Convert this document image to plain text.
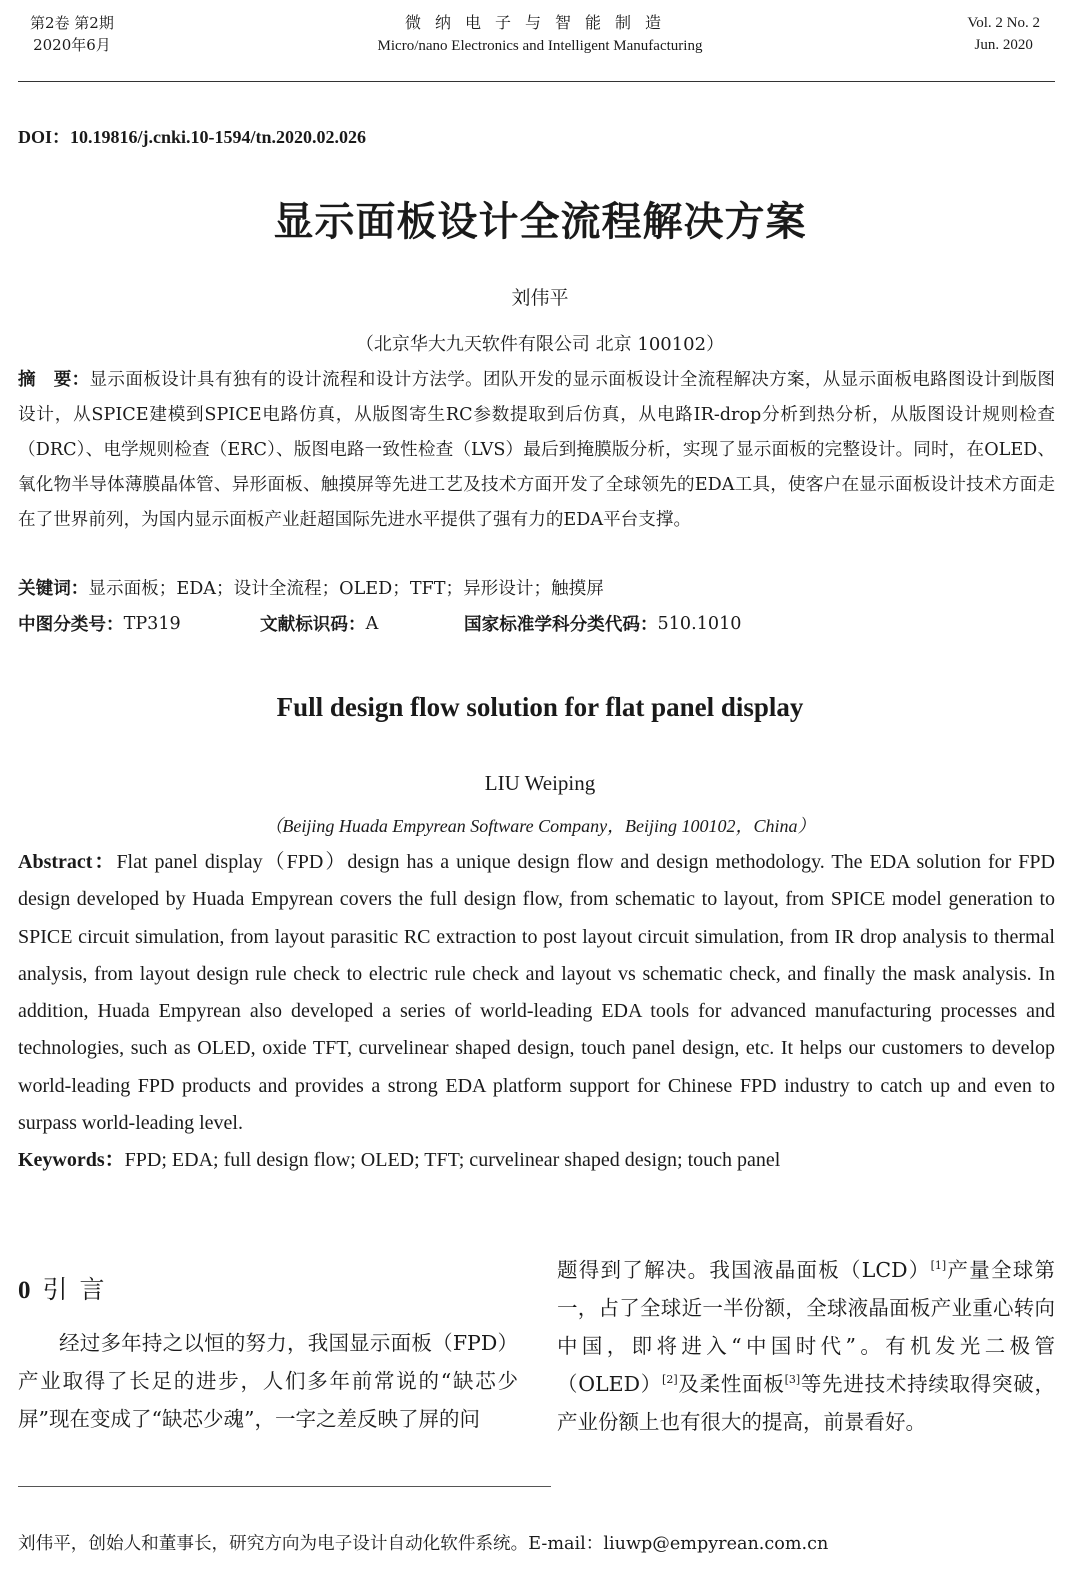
第2卷 第2期
2020年6月
微纳电子与智能制造
Micro/nano Electronics and Intelligent Manufacturing
Vol. 2 No. 2
Jun. 2020
DOI：10.19816/j.cnki.10-1594/tn.2020.02.026
显示面板设计全流程解决方案
刘伟平
（北京华大九天软件有限公司 北京 100102）
摘　要：显示面板设计具有独有的设计流程和设计方法学。团队开发的显示面板设计全流程解决方案，从显示面板电路图设计到版图设计，从SPICE建模到SPICE电路仿真，从版图寄生RC参数提取到后仿真，从电路IR-drop分析到热分析，从版图设计规则检查（DRC）、电学规则检查（ERC）、版图电路一致性检查（LVS）最后到掩膜版分析，实现了显示面板的完整设计。同时，在OLED、氧化物半导体薄膜晶体管、异形面板、触摸屏等先进工艺及技术方面开发了全球领先的EDA工具，使客户在显示面板设计技术方面走在了世界前列，为国内显示面板产业赶超国际先进水平提供了强有力的EDA平台支撑。
关键词：显示面板；EDA；设计全流程；OLED；TFT；异形设计；触摸屏
中图分类号： TP319	文献标识码： A	国家标准学科分类代码： 510.1010
Full design flow solution for flat panel display
LIU Weiping
（Beijing Huada Empyrean Software Company，Beijing 100102，China）
Abstract：Flat panel display（FPD）design has a unique design flow and design methodology. The EDA solution for FPD design developed by Huada Empyrean covers the full design flow, from schematic to layout, from SPICE model generation to SPICE circuit simulation, from layout parasitic RC extraction to post layout circuit simulation, from IR drop analysis to thermal analysis, from layout design rule check to electric rule check and layout vs schematic check, and finally the mask analysis. In addition, Huada Empyrean also developed a series of world-leading EDA tools for advanced manufacturing processes and technologies, such as OLED, oxide TFT, curvelinear shaped design, touch panel design, etc. It helps our customers to develop world-leading FPD products and provides a strong EDA platform support for Chinese FPD industry to catch up and even to surpass world-leading level.
Keywords：FPD; EDA; full design flow; OLED; TFT; curvelinear shaped design; touch panel
0 引言
经过多年持之以恒的努力，我国显示面板（FPD）产业取得了长足的进步，人们多年前常说的“缺芯少屏”现在变成了“缺芯少魂”，一字之差反映了屏的问
题得到了解决。我国液晶面板（LCD）[1]产量全球第一，占了全球近一半份额，全球液晶面板产业重心转向中国，即将进入“中国时代”。有机发光二极管（OLED）[2]及柔性面板[3]等先进技术持续取得突破，产业份额上也有很大的提高，前景看好。
刘伟平，创始人和董事长，研究方向为电子设计自动化软件系统。E-mail：liuwp@empyrean.com.cn
